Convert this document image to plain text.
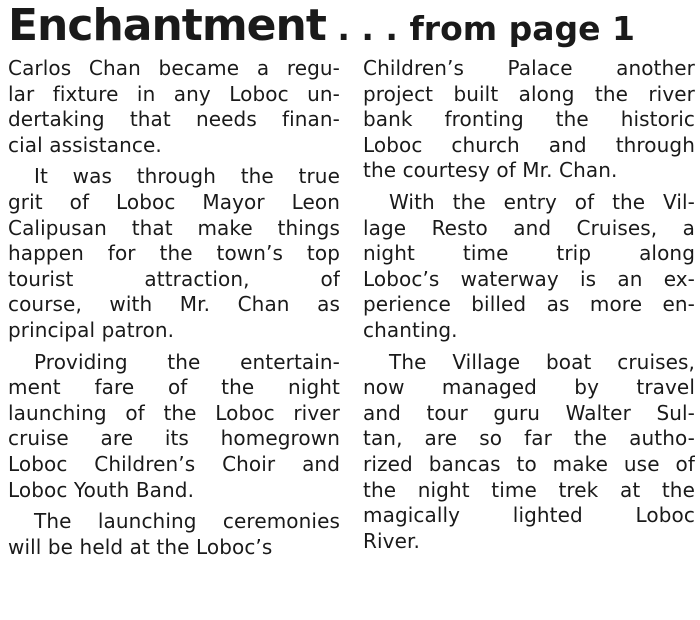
Enchantment . . . from page 1
Carlos Chan became a regu-
lar fixture in any Loboc un-
dertaking that needs finan-
cial assistance.
It was through the true
grit of Loboc Mayor Leon
Calipusan that make things
happen for the town’s top
tourist attraction, of
course, with Mr. Chan as
principal patron.
Providing the entertain-
ment fare of the night
launching of the Loboc river
cruise are its homegrown
Loboc Children’s Choir and
Loboc Youth Band.
The launching ceremonies
will be held at the Loboc’s
Children’s Palace another
project built along the river
bank fronting the historic
Loboc church and through
the courtesy of Mr. Chan.
With the entry of the Vil-
lage Resto and Cruises, a
night time trip along
Loboc’s waterway is an ex-
perience billed as more en-
chanting.
The Village boat cruises,
now managed by travel
and tour guru Walter Sul-
tan, are so far the autho-
rized bancas to make use of
the night time trek at the
magically lighted Loboc
River.
